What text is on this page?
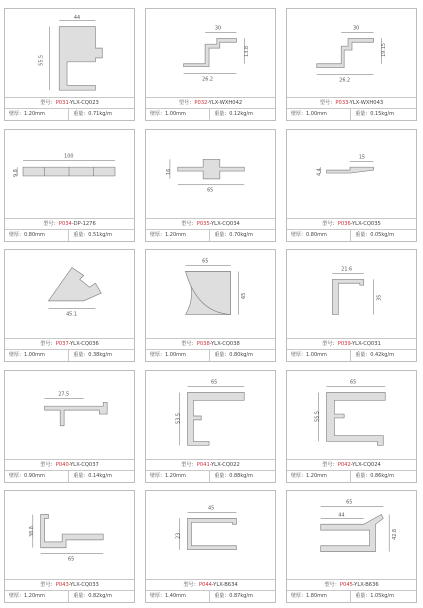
44
55.5
型号：P031-YLX-CQ023
壁厚：1.20mm	重量：0.71kg/m
30
13.8
26.2
型号：P032-YLX-WXH042
壁厚：1.00mm	重量：0.12kg/m
30
19.15
26.2
型号：P033-YLX-WXH043
壁厚：1.00mm	重量：0.15kg/m
100
9.8
型号：P034-DP-1276
壁厚：0.80mm	重量：0.51kg/m
16
65
型号：P035-YLX-CQ034
壁厚：1.20mm	重量：0.70kg/m
15
4.4
型号：P036-YLX-CQ035
壁厚：0.80mm	重量：0.05kg/m
45.1
型号：P037-YLX-CQ036
壁厚：1.00mm	重量：0.38kg/m
65
65
型号：P038-YLX-CQ038
壁厚：1.00mm	重量：0.80kg/m
21.6
35
型号：P039-YLX-CQ031
壁厚：1.00mm	重量：0.42kg/m
27.5
型号：P040-YLX-CQ037
壁厚：0.90mm	重量：0.14kg/m
65
53.5
型号：P041-YLX-CQ022
壁厚：1.20mm	重量：0.88kg/m
65
55.5
型号：P042-YLX-CQ024
壁厚：1.20mm	重量：0.86kg/m
38.8
65
型号：P043-YLX-CQ033
壁厚：1.20mm	重量：0.82kg/m
45
23
型号：P044-YLX-B634
壁厚：1.40mm	重量：0.87kg/m
65
44
42.8
型号：P045-YLX-B636
壁厚：1.80mm	重量：1.05kg/m
